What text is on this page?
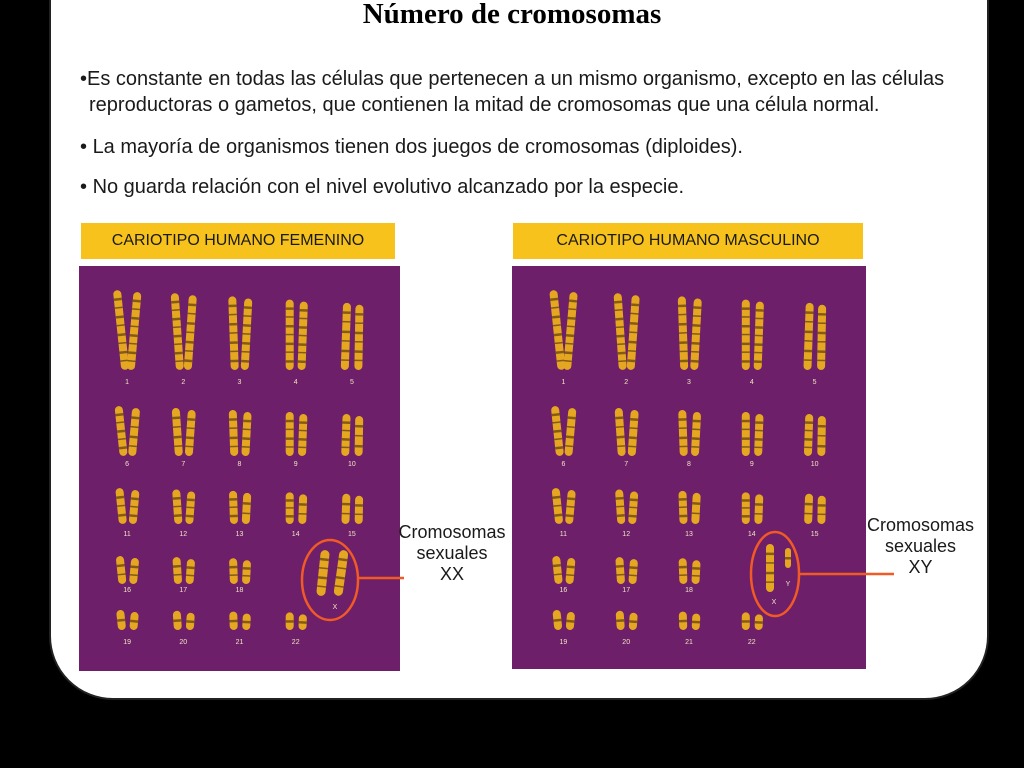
Número de cromosomas
•Es constante en todas las células que pertenecen a un mismo organismo, excepto en las células
reproductoras o gametos, que contienen la mitad de cromosomas que una célula normal.
• La mayoría de organismos tienen dos juegos de cromosomas (diploides).
• No guarda relación con el nivel evolutivo alcanzado por la especie.
CARIOTIPO HUMANO FEMENINO	CARIOTIPO HUMANO MASCULINO
1	2	3	4	5
6	7	8	9	10
11	12	13	14	15
16	17	18
19	20	21	22
X
1	2	3	4	5
6	7	8	9	10
11	12	13	14	15
16	17	18
19	20	21	22
Y
X
Cromosomas
sexuales
XX
Cromosomas
sexuales
XY
